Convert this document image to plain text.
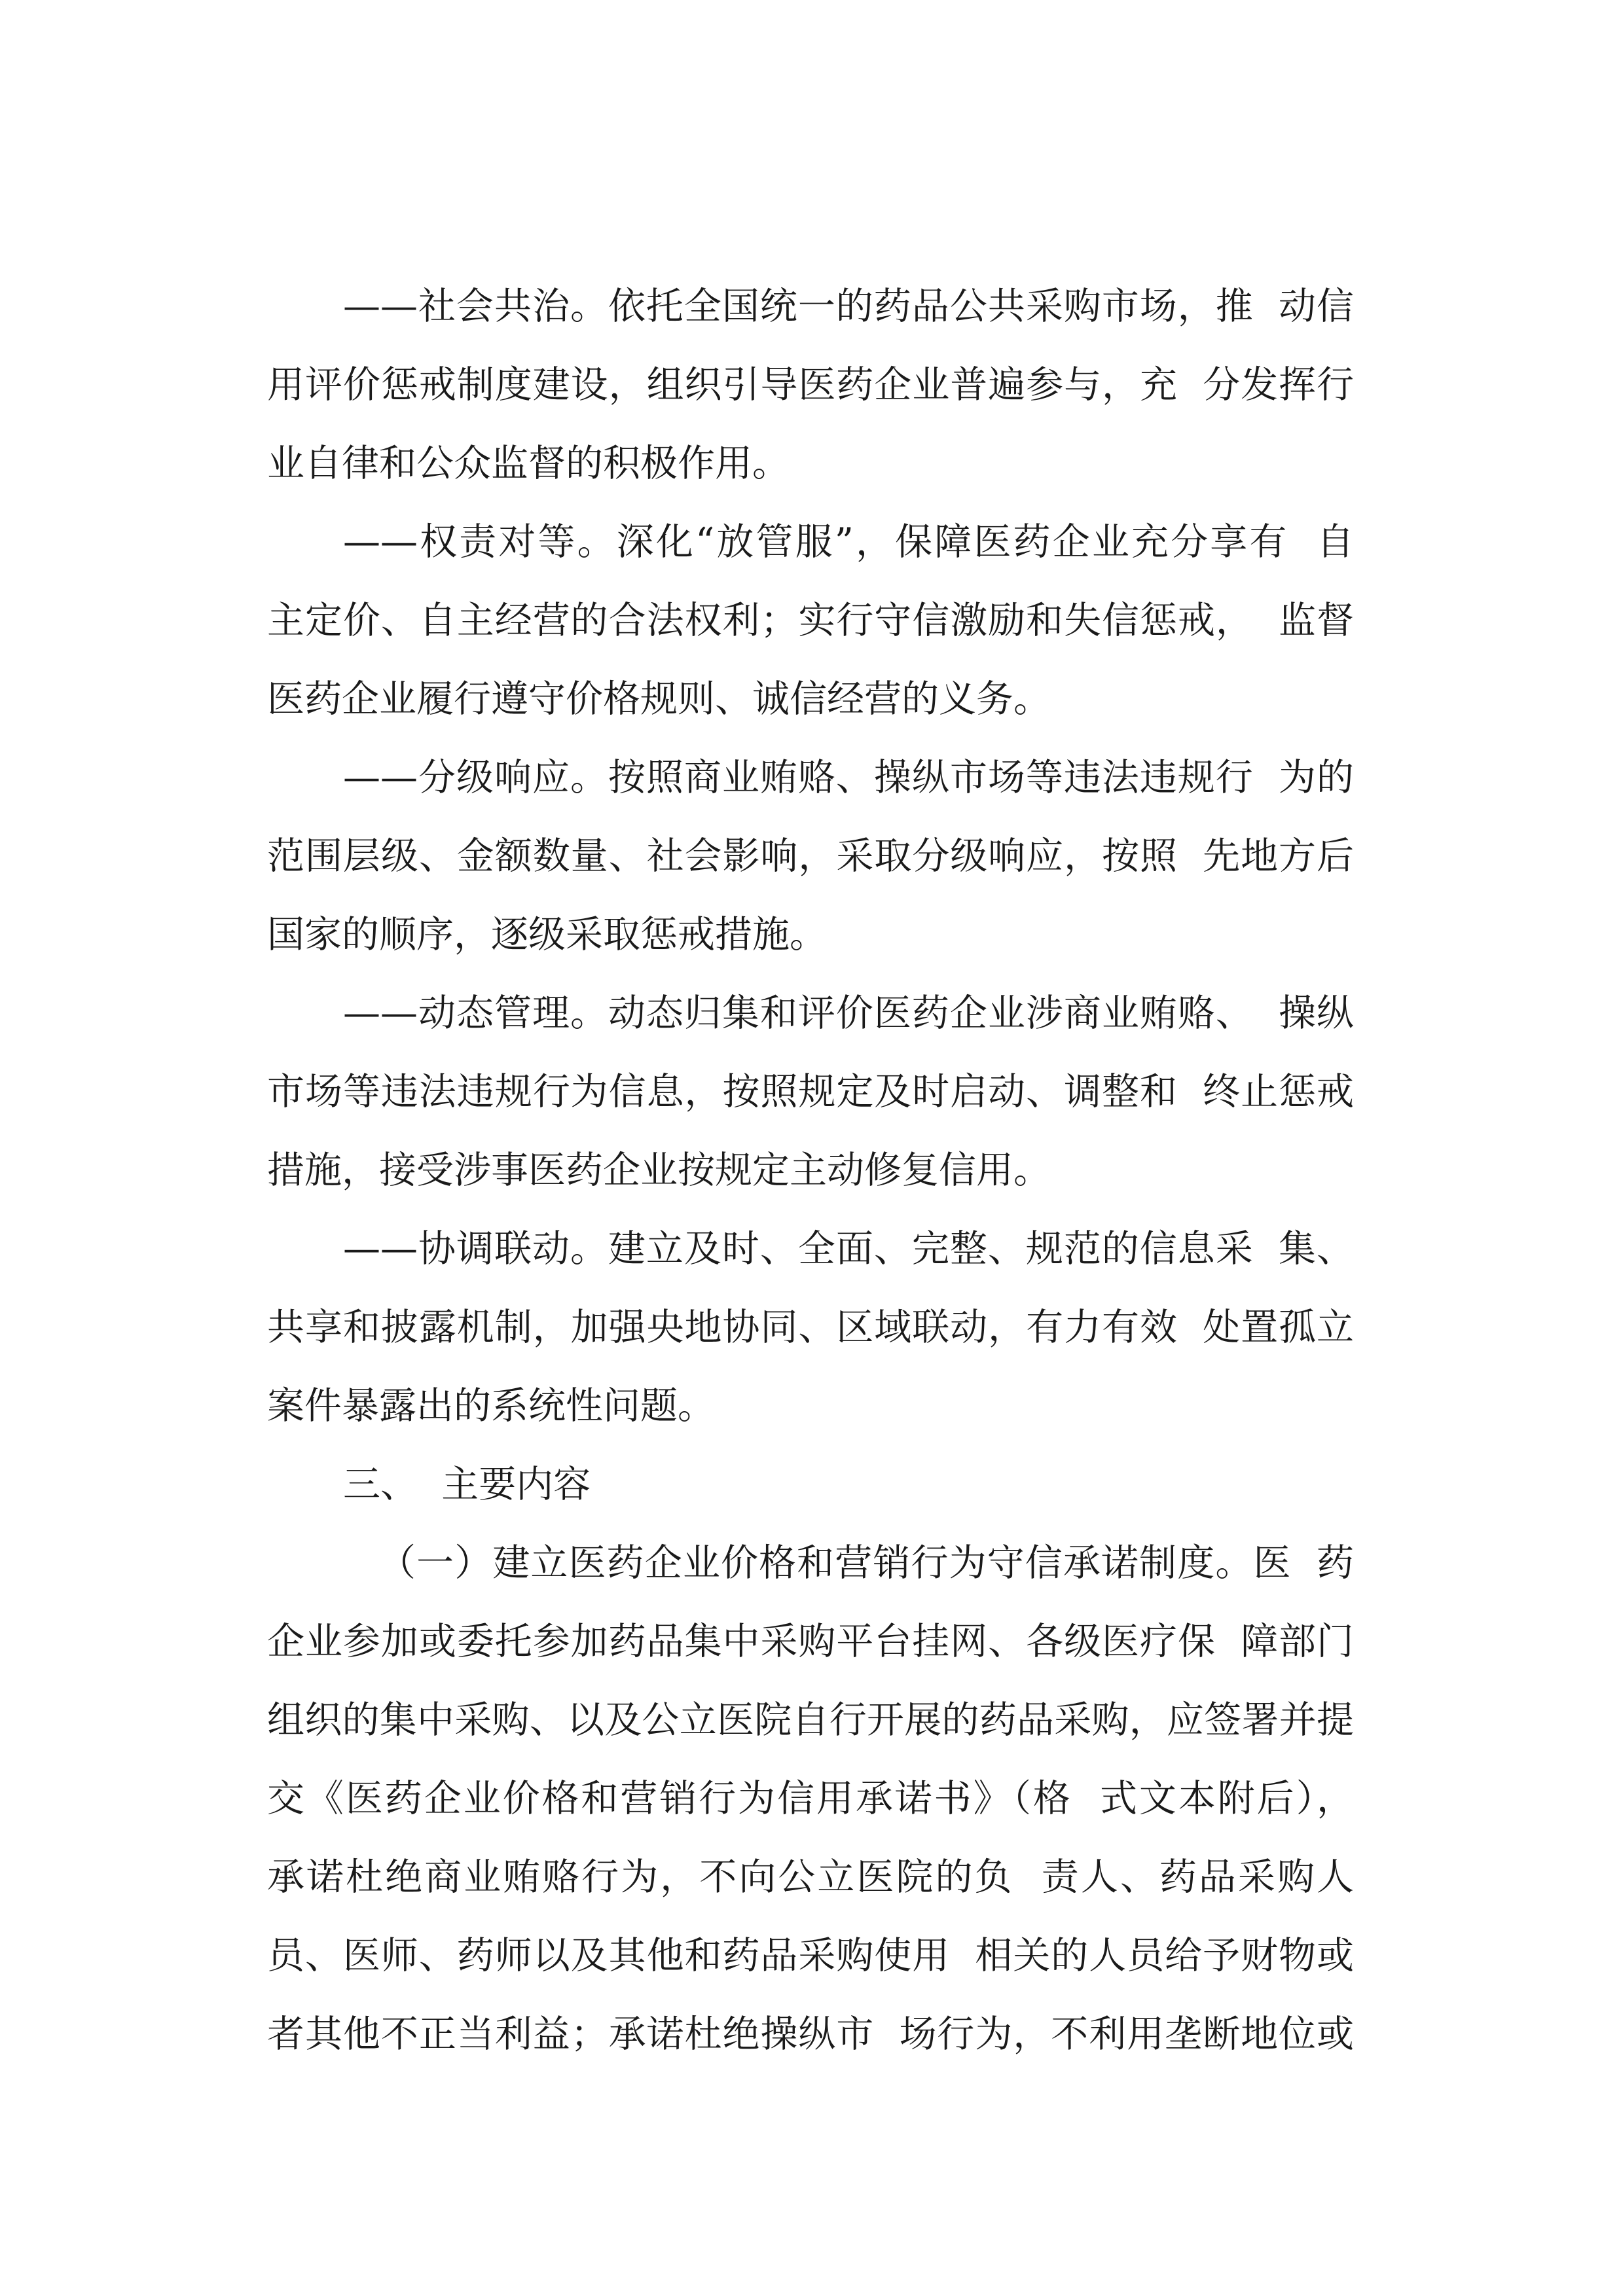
——社会共治。依托全国统一的药品公共采购市场，推  动信
用评价惩戒制度建设，组织引导医药企业普遍参与，充  分发挥行
业自律和公众监督的积极作用。
——权责对等。深化“放管服”，保障医药企业充分享有  自
主定价、自主经营的合法权利；实行守信激励和失信惩戒，  监督
医药企业履行遵守价格规则、诚信经营的义务。
——分级响应。按照商业贿赂、操纵市场等违法违规行  为的
范围层级、金额数量、社会影响，采取分级响应，按照  先地方后
国家的顺序，逐级采取惩戒措施。
——动态管理。动态归集和评价医药企业涉商业贿赂、  操纵
市场等违法违规行为信息，按照规定及时启动、调整和  终止惩戒
措施，接受涉事医药企业按规定主动修复信用。
——协调联动。建立及时、全面、完整、规范的信息采  集、
共享和披露机制，加强央地协同、区域联动，有力有效  处置孤立
案件暴露出的系统性问题。
三、  主要内容
（一）建立医药企业价格和营销行为守信承诺制度。医  药
企业参加或委托参加药品集中采购平台挂网、各级医疗保  障部门
组织的集中采购、以及公立医院自行开展的药品采购，应签署并提
交《医药企业价格和营销行为信用承诺书》（格  式文本附后），
承诺杜绝商业贿赂行为，不向公立医院的负  责人、药品采购人
员、医师、药师以及其他和药品采购使用  相关的人员给予财物或
者其他不正当利益；承诺杜绝操纵市  场行为，不利用垄断地位或
